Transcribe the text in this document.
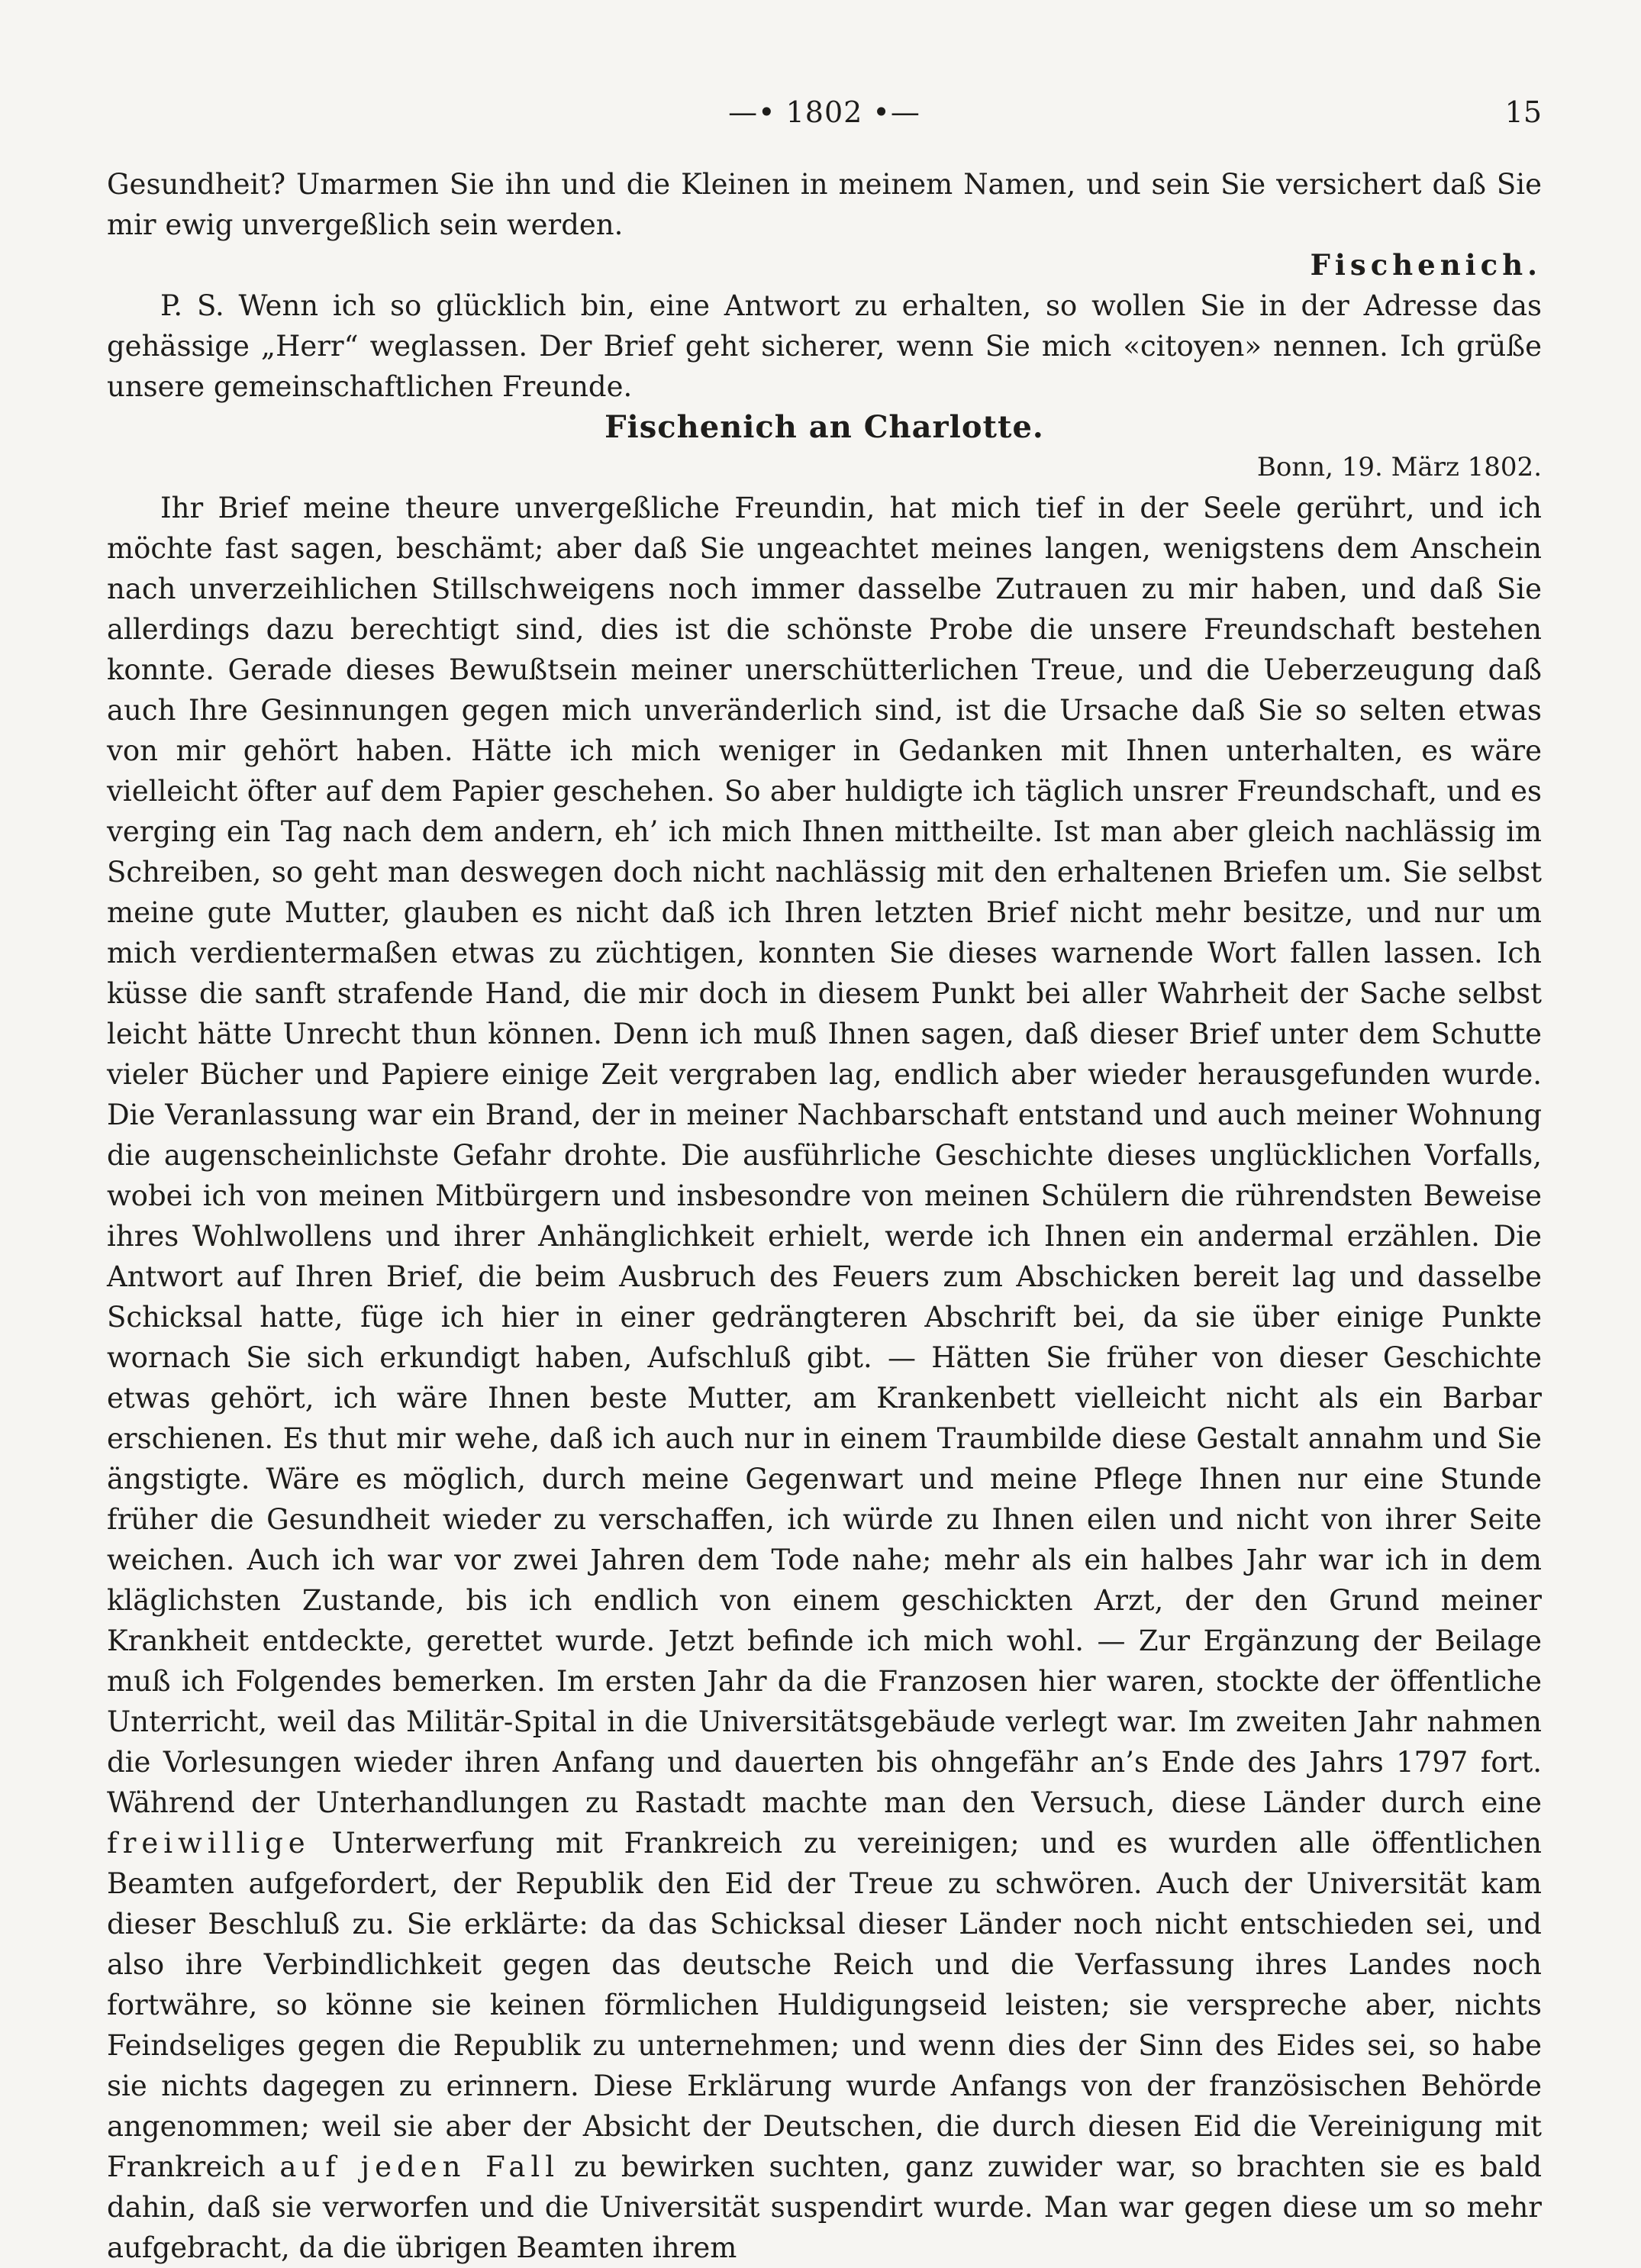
—• 1802 •—	15

Gesundheit? Umarmen Sie ihn und die Kleinen in meinem Namen, und sein Sie versichert daß Sie mir ewig unvergeßlich sein werden.

Fischenich.

P. S. Wenn ich so glücklich bin, eine Antwort zu erhalten, so wollen Sie in der Adresse das gehässige „Herr“ weglassen. Der Brief geht sicherer, wenn Sie mich «citoyen» nennen. Ich grüße unsere gemeinschaftlichen Freunde.

Fischenich an Charlotte.

Bonn, 19. März 1802.

Ihr Brief meine theure unvergeßliche Freundin, hat mich tief in der Seele gerührt, und ich möchte fast sagen, beschämt; aber daß Sie ungeachtet meines langen, wenigstens dem Anschein nach unverzeihlichen Stillschweigens noch immer dasselbe Zutrauen zu mir haben, und daß Sie allerdings dazu berechtigt sind, dies ist die schönste Probe die unsere Freundschaft bestehen konnte. Gerade dieses Bewußtsein meiner unerschütterlichen Treue, und die Ueberzeugung daß auch Ihre Gesinnungen gegen mich unveränderlich sind, ist die Ursache daß Sie so selten etwas von mir gehört haben. Hätte ich mich weniger in Gedanken mit Ihnen unterhalten, es wäre vielleicht öfter auf dem Papier geschehen. So aber huldigte ich täglich unsrer Freundschaft, und es verging ein Tag nach dem andern, eh’ ich mich Ihnen mittheilte. Ist man aber gleich nachlässig im Schreiben, so geht man deswegen doch nicht nachlässig mit den erhaltenen Briefen um. Sie selbst meine gute Mutter, glauben es nicht daß ich Ihren letzten Brief nicht mehr besitze, und nur um mich verdientermaßen etwas zu züchtigen, konnten Sie dieses warnende Wort fallen lassen. Ich küsse die sanft strafende Hand, die mir doch in diesem Punkt bei aller Wahrheit der Sache selbst leicht hätte Unrecht thun können. Denn ich muß Ihnen sagen, daß dieser Brief unter dem Schutte vieler Bücher und Papiere einige Zeit vergraben lag, endlich aber wieder herausgefunden wurde. Die Veranlassung war ein Brand, der in meiner Nachbarschaft entstand und auch meiner Wohnung die augenscheinlichste Gefahr drohte. Die ausführliche Geschichte dieses unglücklichen Vorfalls, wobei ich von meinen Mitbürgern und insbesondre von meinen Schülern die rührendsten Beweise ihres Wohlwollens und ihrer Anhänglichkeit erhielt, werde ich Ihnen ein andermal erzählen. Die Antwort auf Ihren Brief, die beim Ausbruch des Feuers zum Abschicken bereit lag und dasselbe Schicksal hatte, füge ich hier in einer gedrängteren Abschrift bei, da sie über einige Punkte wornach Sie sich erkundigt haben, Aufschluß gibt. — Hätten Sie früher von dieser Geschichte etwas gehört, ich wäre Ihnen beste Mutter, am Krankenbett vielleicht nicht als ein Barbar erschienen. Es thut mir wehe, daß ich auch nur in einem Traumbilde diese Gestalt annahm und Sie ängstigte. Wäre es möglich, durch meine Gegenwart und meine Pflege Ihnen nur eine Stunde früher die Gesundheit wieder zu verschaffen, ich würde zu Ihnen eilen und nicht von ihrer Seite weichen. Auch ich war vor zwei Jahren dem Tode nahe; mehr als ein halbes Jahr war ich in dem kläglichsten Zustande, bis ich endlich von einem geschickten Arzt, der den Grund meiner Krankheit entdeckte, gerettet wurde. Jetzt befinde ich mich wohl. — Zur Ergänzung der Beilage muß ich Folgendes bemerken. Im ersten Jahr da die Franzosen hier waren, stockte der öffentliche Unterricht, weil das Militär-Spital in die Universitätsgebäude verlegt war. Im zweiten Jahr nahmen die Vorlesungen wieder ihren Anfang und dauerten bis ohngefähr an’s Ende des Jahrs 1797 fort. Während der Unterhandlungen zu Rastadt machte man den Versuch, diese Länder durch eine freiwillige Unterwerfung mit Frankreich zu vereinigen; und es wurden alle öffentlichen Beamten aufgefordert, der Republik den Eid der Treue zu schwören. Auch der Universität kam dieser Beschluß zu. Sie erklärte: da das Schicksal dieser Länder noch nicht entschieden sei, und also ihre Verbindlichkeit gegen das deutsche Reich und die Verfassung ihres Landes noch fortwähre, so könne sie keinen förmlichen Huldigungseid leisten; sie verspreche aber, nichts Feindseliges gegen die Republik zu unternehmen; und wenn dies der Sinn des Eides sei, so habe sie nichts dagegen zu erinnern. Diese Erklärung wurde Anfangs von der französischen Behörde angenommen; weil sie aber der Absicht der Deutschen, die durch diesen Eid die Vereinigung mit Frankreich auf jeden Fall zu bewirken suchten, ganz zuwider war, so brachten sie es bald dahin, daß sie verworfen und die Universität suspendirt wurde. Man war gegen diese um so mehr aufgebracht, da die übrigen Beamten ihrem
